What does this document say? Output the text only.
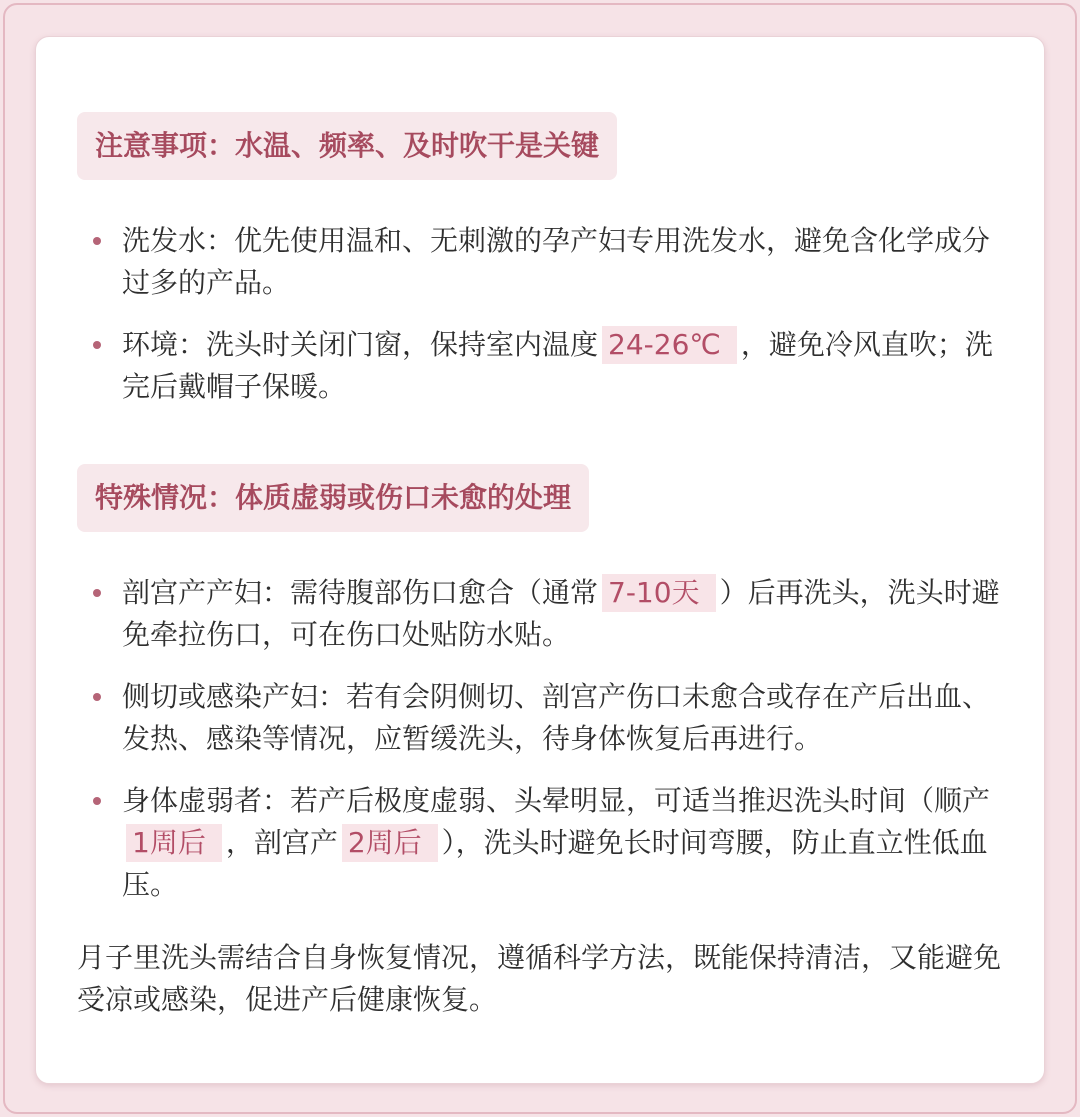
注意事项：水温、频率、及时吹干是关键
洗发水：优先使用温和、无刺激的孕产妇专用洗发水，避免含化学成分过多的产品。
环境：洗头时关闭门窗，保持室内温度 24-26℃ ，避免冷风直吹；洗完后戴帽子保暖。
特殊情况：体质虚弱或伤口未愈的处理
剖宫产产妇：需待腹部伤口愈合（通常 7-10天 ）后再洗头，洗头时避免牵拉伤口，可在伤口处贴防水贴。
侧切或感染产妇：若有会阴侧切、剖宫产伤口未愈合或存在产后出血、发热、感染等情况，应暂缓洗头，待身体恢复后再进行。
身体虚弱者：若产后极度虚弱、头晕明显，可适当推迟洗头时间（顺产1周后 ，剖宫产 2周后 ），洗头时避免长时间弯腰，防止直立性低血压。

月子里洗头需结合自身恢复情况，遵循科学方法，既能保持清洁，又能避免受凉或感染，促进产后健康恢复。
